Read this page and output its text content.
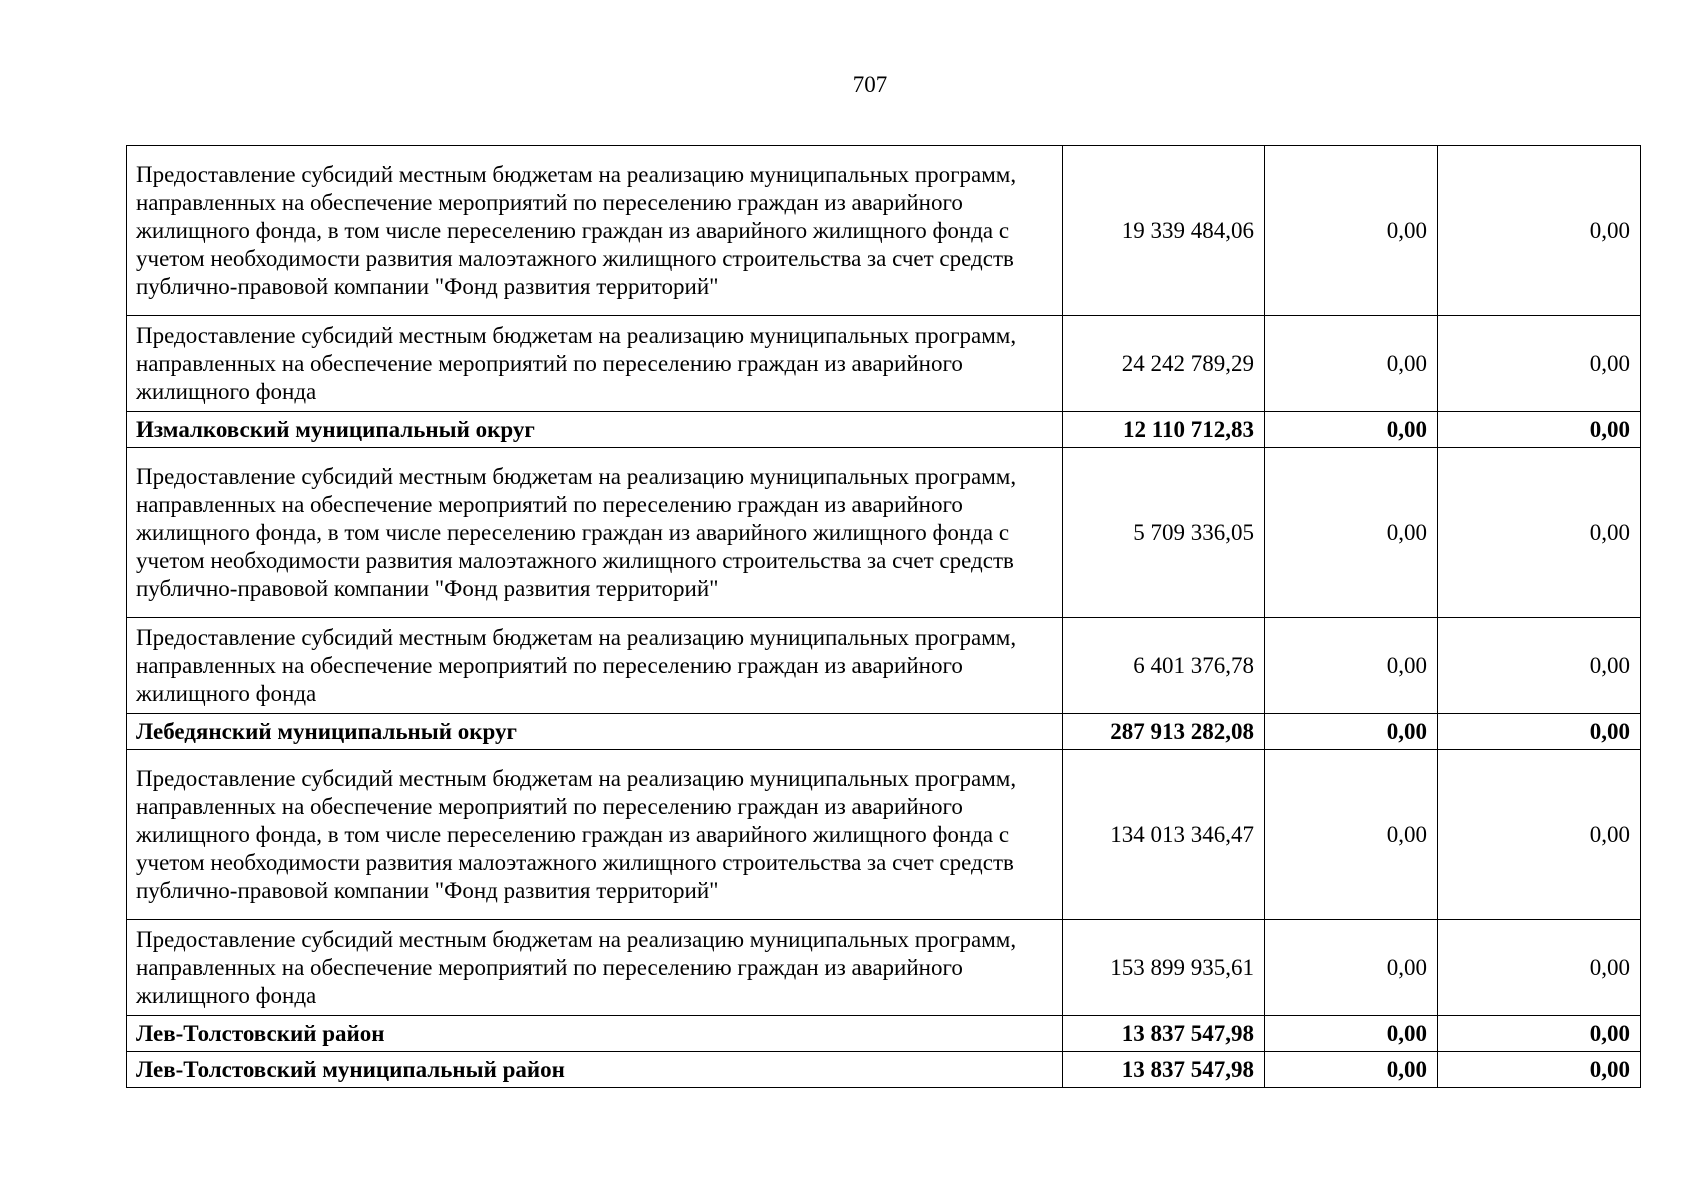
707
Предоставление субсидий местным бюджетам на реализацию муниципальных программ, направленных на обеспечение мероприятий по переселению граждан из аварийного жилищного фонда, в том числе переселению граждан из аварийного жилищного фонда с учетом необходимости развития малоэтажного жилищного строительства за счет средств публично-правовой компании "Фонд развития территорий"	19 339 484,06	0,00	0,00
Предоставление субсидий местным бюджетам на реализацию муниципальных программ, направленных на обеспечение мероприятий по переселению граждан из аварийного жилищного фонда	24 242 789,29	0,00	0,00
Измалковский муниципальный округ	12 110 712,83	0,00	0,00
Предоставление субсидий местным бюджетам на реализацию муниципальных программ, направленных на обеспечение мероприятий по переселению граждан из аварийного жилищного фонда, в том числе переселению граждан из аварийного жилищного фонда с учетом необходимости развития малоэтажного жилищного строительства за счет средств публично-правовой компании "Фонд развития территорий"	5 709 336,05	0,00	0,00
Предоставление субсидий местным бюджетам на реализацию муниципальных программ, направленных на обеспечение мероприятий по переселению граждан из аварийного жилищного фонда	6 401 376,78	0,00	0,00
Лебедянский муниципальный округ	287 913 282,08	0,00	0,00
Предоставление субсидий местным бюджетам на реализацию муниципальных программ, направленных на обеспечение мероприятий по переселению граждан из аварийного жилищного фонда, в том числе переселению граждан из аварийного жилищного фонда с учетом необходимости развития малоэтажного жилищного строительства за счет средств публично-правовой компании "Фонд развития территорий"	134 013 346,47	0,00	0,00
Предоставление субсидий местным бюджетам на реализацию муниципальных программ, направленных на обеспечение мероприятий по переселению граждан из аварийного жилищного фонда	153 899 935,61	0,00	0,00
Лев-Толстовский район	13 837 547,98	0,00	0,00
Лев-Толстовский муниципальный район	13 837 547,98	0,00	0,00
